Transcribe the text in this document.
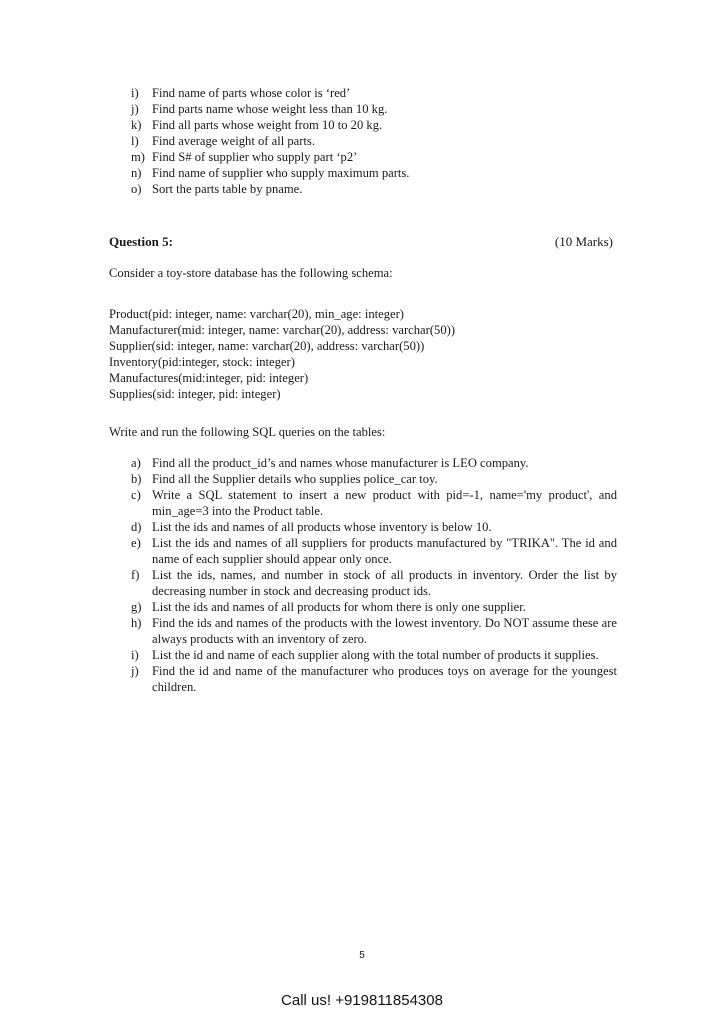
i)	Find name of parts whose color is ‘red’
j)	Find parts name whose weight less than 10 kg.
k) Find all parts whose weight from 10 to 20 kg.
l)	Find average weight of all parts.
m) Find S# of supplier who supply part ‘p2’
n) Find name of supplier who supply maximum parts.
o) Sort the parts table by pname.
Question 5:	(10 Marks)
Consider a toy-store database has the following schema:
Product(pid: integer, name: varchar(20), min_age: integer)
Manufacturer(mid: integer, name: varchar(20), address: varchar(50))
Supplier(sid: integer, name: varchar(20), address: varchar(50))
Inventory(pid:integer, stock: integer)
Manufactures(mid:integer, pid: integer)
Supplies(sid: integer, pid: integer)
Write and run the following SQL queries on the tables:
a) Find all the product_id’s and names whose manufacturer is LEO company.
b) Find all the Supplier details who supplies police_car toy.
c) Write a SQL statement to insert a new product with pid=-1, name='my product', and min_age=3 into the Product table.
d) List the ids and names of all products whose inventory is below 10.
e) List the ids and names of all suppliers for products manufactured by "TRIKA". The id and name of each supplier should appear only once.
f)	List the ids, names, and number in stock of all products in inventory. Order the list by decreasing number in stock and decreasing product ids.
g) List the ids and names of all products for whom there is only one supplier.
h) Find the ids and names of the products with the lowest inventory. Do NOT assume these are always products with an inventory of zero.
i)	List the id and name of each supplier along with the total number of products it supplies.
j)	Find the id and name of the manufacturer who produces toys on average for the youngest children.
5
Call us! +919811854308
